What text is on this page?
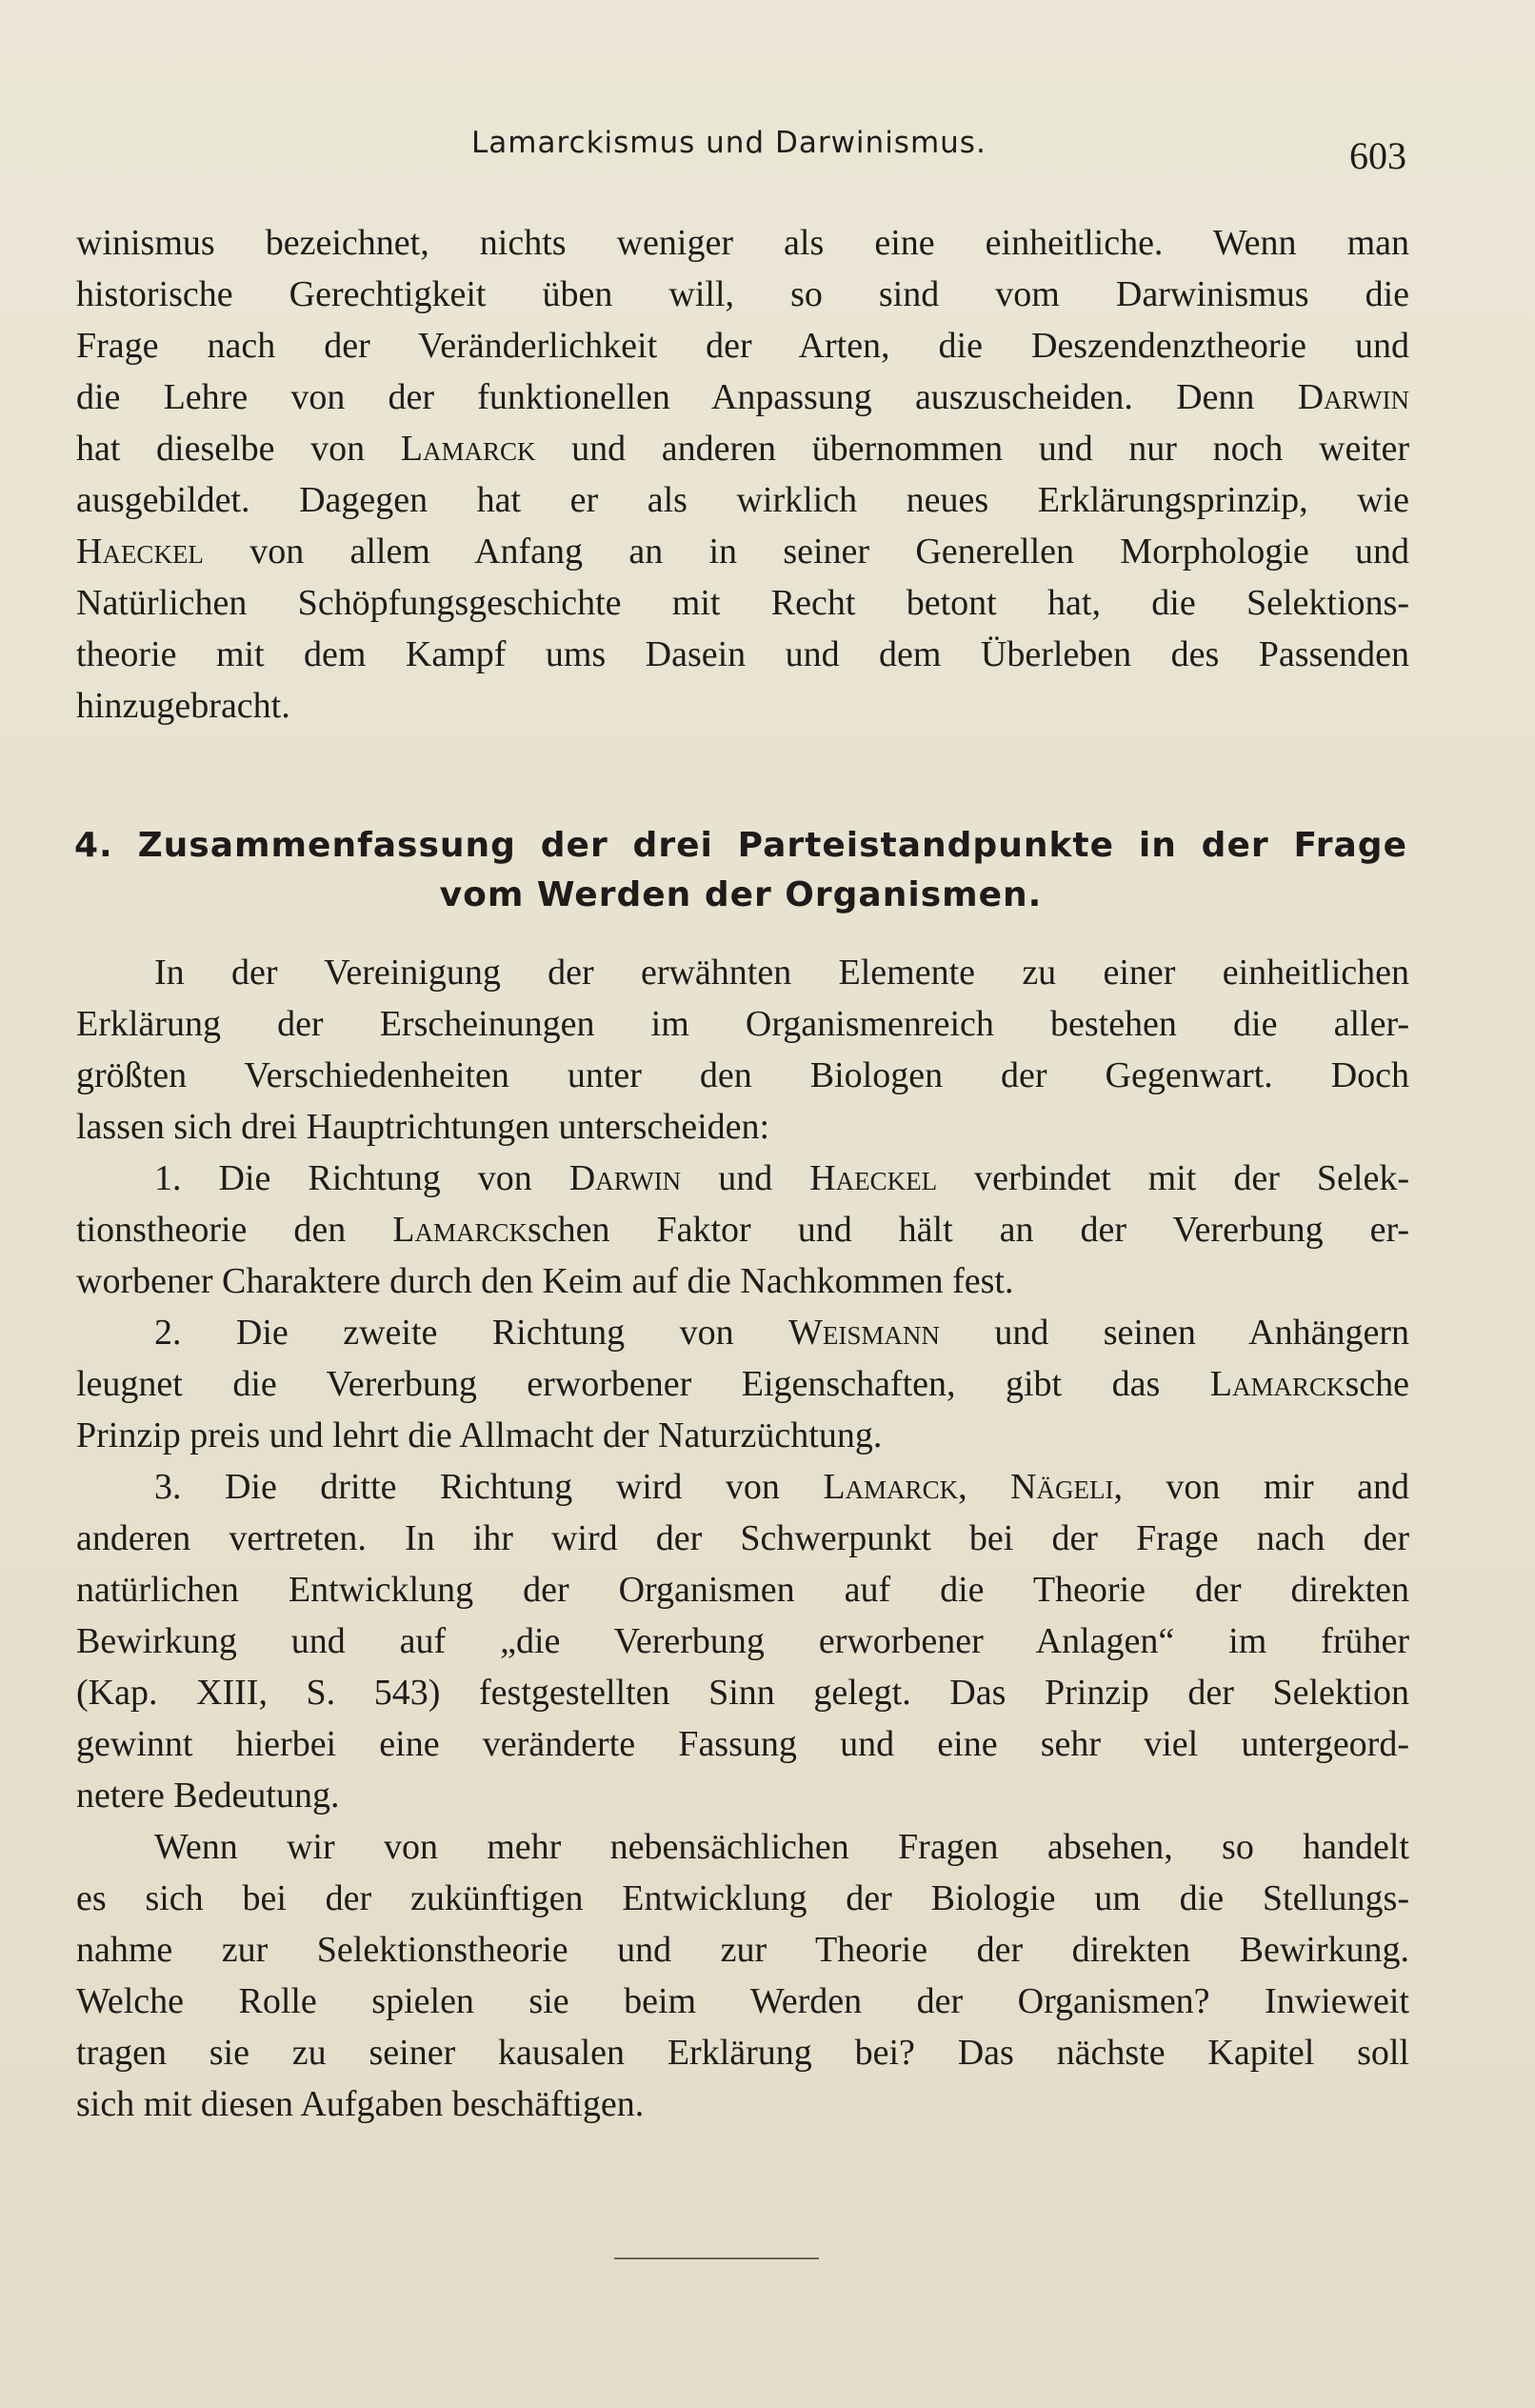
Lamarckismus und Darwinismus.	603
winismus bezeichnet, nichts weniger als eine einheitliche. Wenn man
historische Gerechtigkeit üben will, so sind vom Darwinismus die
Frage nach der Veränderlichkeit der Arten, die Deszendenztheorie und
die Lehre von der funktionellen Anpassung auszuscheiden. Denn Darwin
hat dieselbe von Lamarck und anderen übernommen und nur noch weiter
ausgebildet. Dagegen hat er als wirklich neues Erklärungsprinzip, wie
Haeckel von allem Anfang an in seiner Generellen Morphologie und
Natürlichen Schöpfungsgeschichte mit Recht betont hat, die Selektions-
theorie mit dem Kampf ums Dasein und dem Überleben des Passenden
hinzugebracht.
4. Zusammenfassung der drei Parteistandpunkte in der Frage
vom Werden der Organismen.
In der Vereinigung der erwähnten Elemente zu einer einheitlichen
Erklärung der Erscheinungen im Organismenreich bestehen die aller-
größten Verschiedenheiten unter den Biologen der Gegenwart. Doch
lassen sich drei Hauptrichtungen unterscheiden:
1. Die Richtung von Darwin und Haeckel verbindet mit der Selek-
tionstheorie den Lamarckschen Faktor und hält an der Vererbung er-
worbener Charaktere durch den Keim auf die Nachkommen fest.
2. Die zweite Richtung von Weismann und seinen Anhängern
leugnet die Vererbung erworbener Eigenschaften, gibt das Lamarcksche
Prinzip preis und lehrt die Allmacht der Naturzüchtung.
3. Die dritte Richtung wird von Lamarck, Nägeli, von mir and
anderen vertreten. In ihr wird der Schwerpunkt bei der Frage nach der
natürlichen Entwicklung der Organismen auf die Theorie der direkten
Bewirkung und auf „die Vererbung erworbener Anlagen“ im früher
(Kap. XIII, S. 543) festgestellten Sinn gelegt. Das Prinzip der Selektion
gewinnt hierbei eine veränderte Fassung und eine sehr viel untergeord-
netere Bedeutung.
Wenn wir von mehr nebensächlichen Fragen absehen, so handelt
es sich bei der zukünftigen Entwicklung der Biologie um die Stellungs-
nahme zur Selektionstheorie und zur Theorie der direkten Bewirkung.
Welche Rolle spielen sie beim Werden der Organismen? Inwieweit
tragen sie zu seiner kausalen Erklärung bei? Das nächste Kapitel soll
sich mit diesen Aufgaben beschäftigen.
